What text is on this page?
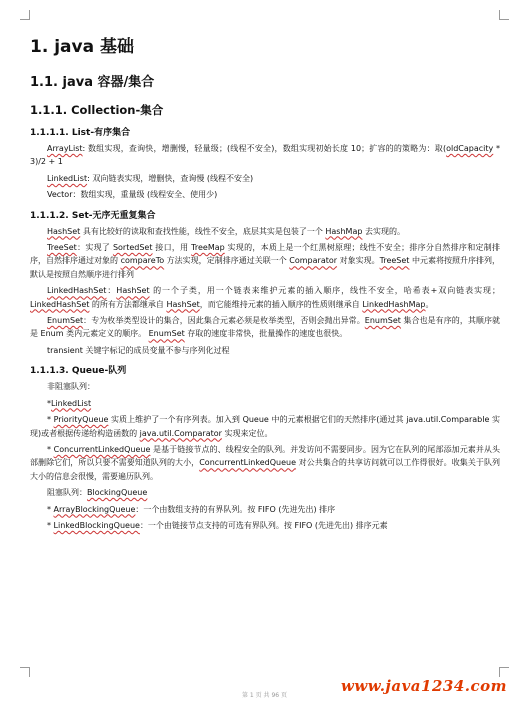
1. java 基础
1.1. java 容器/集合
1.1.1. Collection-集合
1.1.1.1. List-有序集合
ArrayList: 数组实现，查询快，增删慢，轻量级；(线程不安全)，数组实现初始长度 10；扩容的的策略为：取(oldCapacity * 3)/2 + 1
LinkedList: 双向链表实现，增删快，查询慢 (线程不安全)
Vector：数组实现，重量级 (线程安全、使用少)
1.1.1.2. Set-无序无重复集合
HashSet 具有比较好的读取和查找性能，线性不安全，底层其实是包装了一个 HashMap 去实现的。
TreeSet：实现了 SortedSet 接口，用 TreeMap 实现的，本质上是一个红黑树原理；线性不安全；排序分自然排序和定制排序，自然排序通过对象的 compareTo 方法实现，定制排序通过关联一个 Comparator 对象实现。TreeSet 中元素将按照升序排列，默认是按照自然顺序进行排列
LinkedHashSet：HashSet 的一个子类，用一个链表来维护元素的插入顺序，线性不安全，哈希表+双向链表实现；LinkedHashSet 的所有方法都继承自 HashSet，而它能维持元素的插入顺序的性质则继承自 LinkedHashMap。
EnumSet：专为枚举类型设计的集合，因此集合元素必须是枚举类型，否则会抛出异常。EnumSet 集合也是有序的，其顺序就是 Enum 类内元素定义的顺序。 EnumSet 存取的速度非常快，批量操作的速度也很快。
transient 关键字标记的成员变量不参与序列化过程
1.1.1.3. Queue-队列
非阻塞队列：
*LinkedList
* PriorityQueue 实质上维护了一个有序列表。加入到 Queue 中的元素根据它们的天然排序(通过其 java.util.Comparable 实现)或者根据传递给构造函数的 java.util.Comparator 实现来定位。
* ConcurrentLinkedQueue 是基于链接节点的、线程安全的队列。并发访问不需要同步。因为它在队列的尾部添加元素并从头部删除它们，所以只要不需要知道队列的大小，ConcurrentLinkedQueue 对公共集合的共享访问就可以工作得很好。收集关于队列大小的信息会很慢，需要遍历队列。
阻塞队列：BlockingQueue
* ArrayBlockingQueue：一个由数组支持的有界队列。按 FIFO (先进先出) 排序
* LinkedBlockingQueue：一个由链接节点支持的可选有界队列。按 FIFO (先进先出) 排序元素
www.java1234.com
第 1 页 共 96 页
